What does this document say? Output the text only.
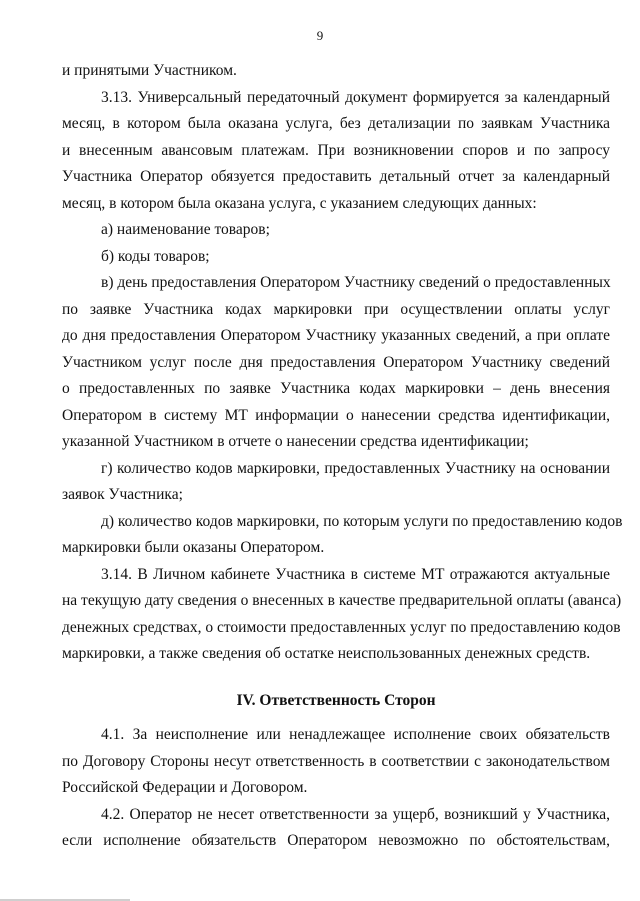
9
и принятыми Участником.
3.13. Универсальный передаточный документ формируется за календарный
месяц, в котором была оказана услуга, без детализации по заявкам Участника
и внесенным авансовым платежам. При возникновении споров и по запросу
Участника Оператор обязуется предоставить детальный отчет за календарный
месяц, в котором была оказана услуга, с указанием следующих данных:
а) наименование товаров;
б) коды товаров;
в) день предоставления Оператором Участнику сведений о предоставленных
по заявке Участника кодах маркировки при осуществлении оплаты услуг
до дня предоставления Оператором Участнику указанных сведений, а при оплате
Участником услуг после дня предоставления Оператором Участнику сведений
о предоставленных по заявке Участника кодах маркировки – день внесения
Оператором в систему МТ информации о нанесении средства идентификации,
указанной Участником в отчете о нанесении средства идентификации;
г) количество кодов маркировки, предоставленных Участнику на основании
заявок Участника;
д) количество кодов маркировки, по которым услуги по предоставлению кодов
маркировки были оказаны Оператором.
3.14. В Личном кабинете Участника в системе МТ отражаются актуальные
на текущую дату сведения о внесенных в качестве предварительной оплаты (аванса)
денежных средствах, о стоимости предоставленных услуг по предоставлению кодов
маркировки, а также сведения об остатке неиспользованных денежных средств.
IV. Ответственность Сторон
4.1. За неисполнение или ненадлежащее исполнение своих обязательств
по Договору Стороны несут ответственность в соответствии с законодательством
Российской Федерации и Договором.
4.2. Оператор не несет ответственности за ущерб, возникший у Участника,
если исполнение обязательств Оператором невозможно по обстоятельствам,
